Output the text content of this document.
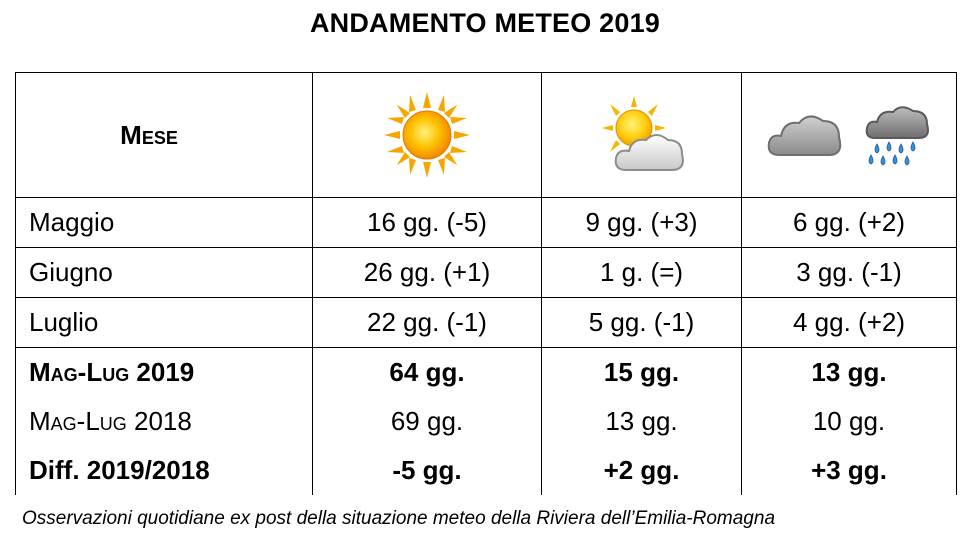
ANDAMENTO METEO 2019
Mese

Maggio	16 gg. (-5)	9 gg. (+3)	6 gg. (+2)
Giugno	26 gg. (+1)	1 g. (=)	3 gg. (-1)
Luglio	22 gg. (-1)	5 gg. (-1)	4 gg. (+2)
Mag-Lug 2019	64 gg.	15 gg.	13 gg.
Mag-Lug 2018	69 gg.	13 gg.	10 gg.
Diff. 2019/2018	-5 gg.	+2 gg.	+3 gg.
Osservazioni quotidiane ex post della situazione meteo della Riviera dell’Emilia-Romagna
